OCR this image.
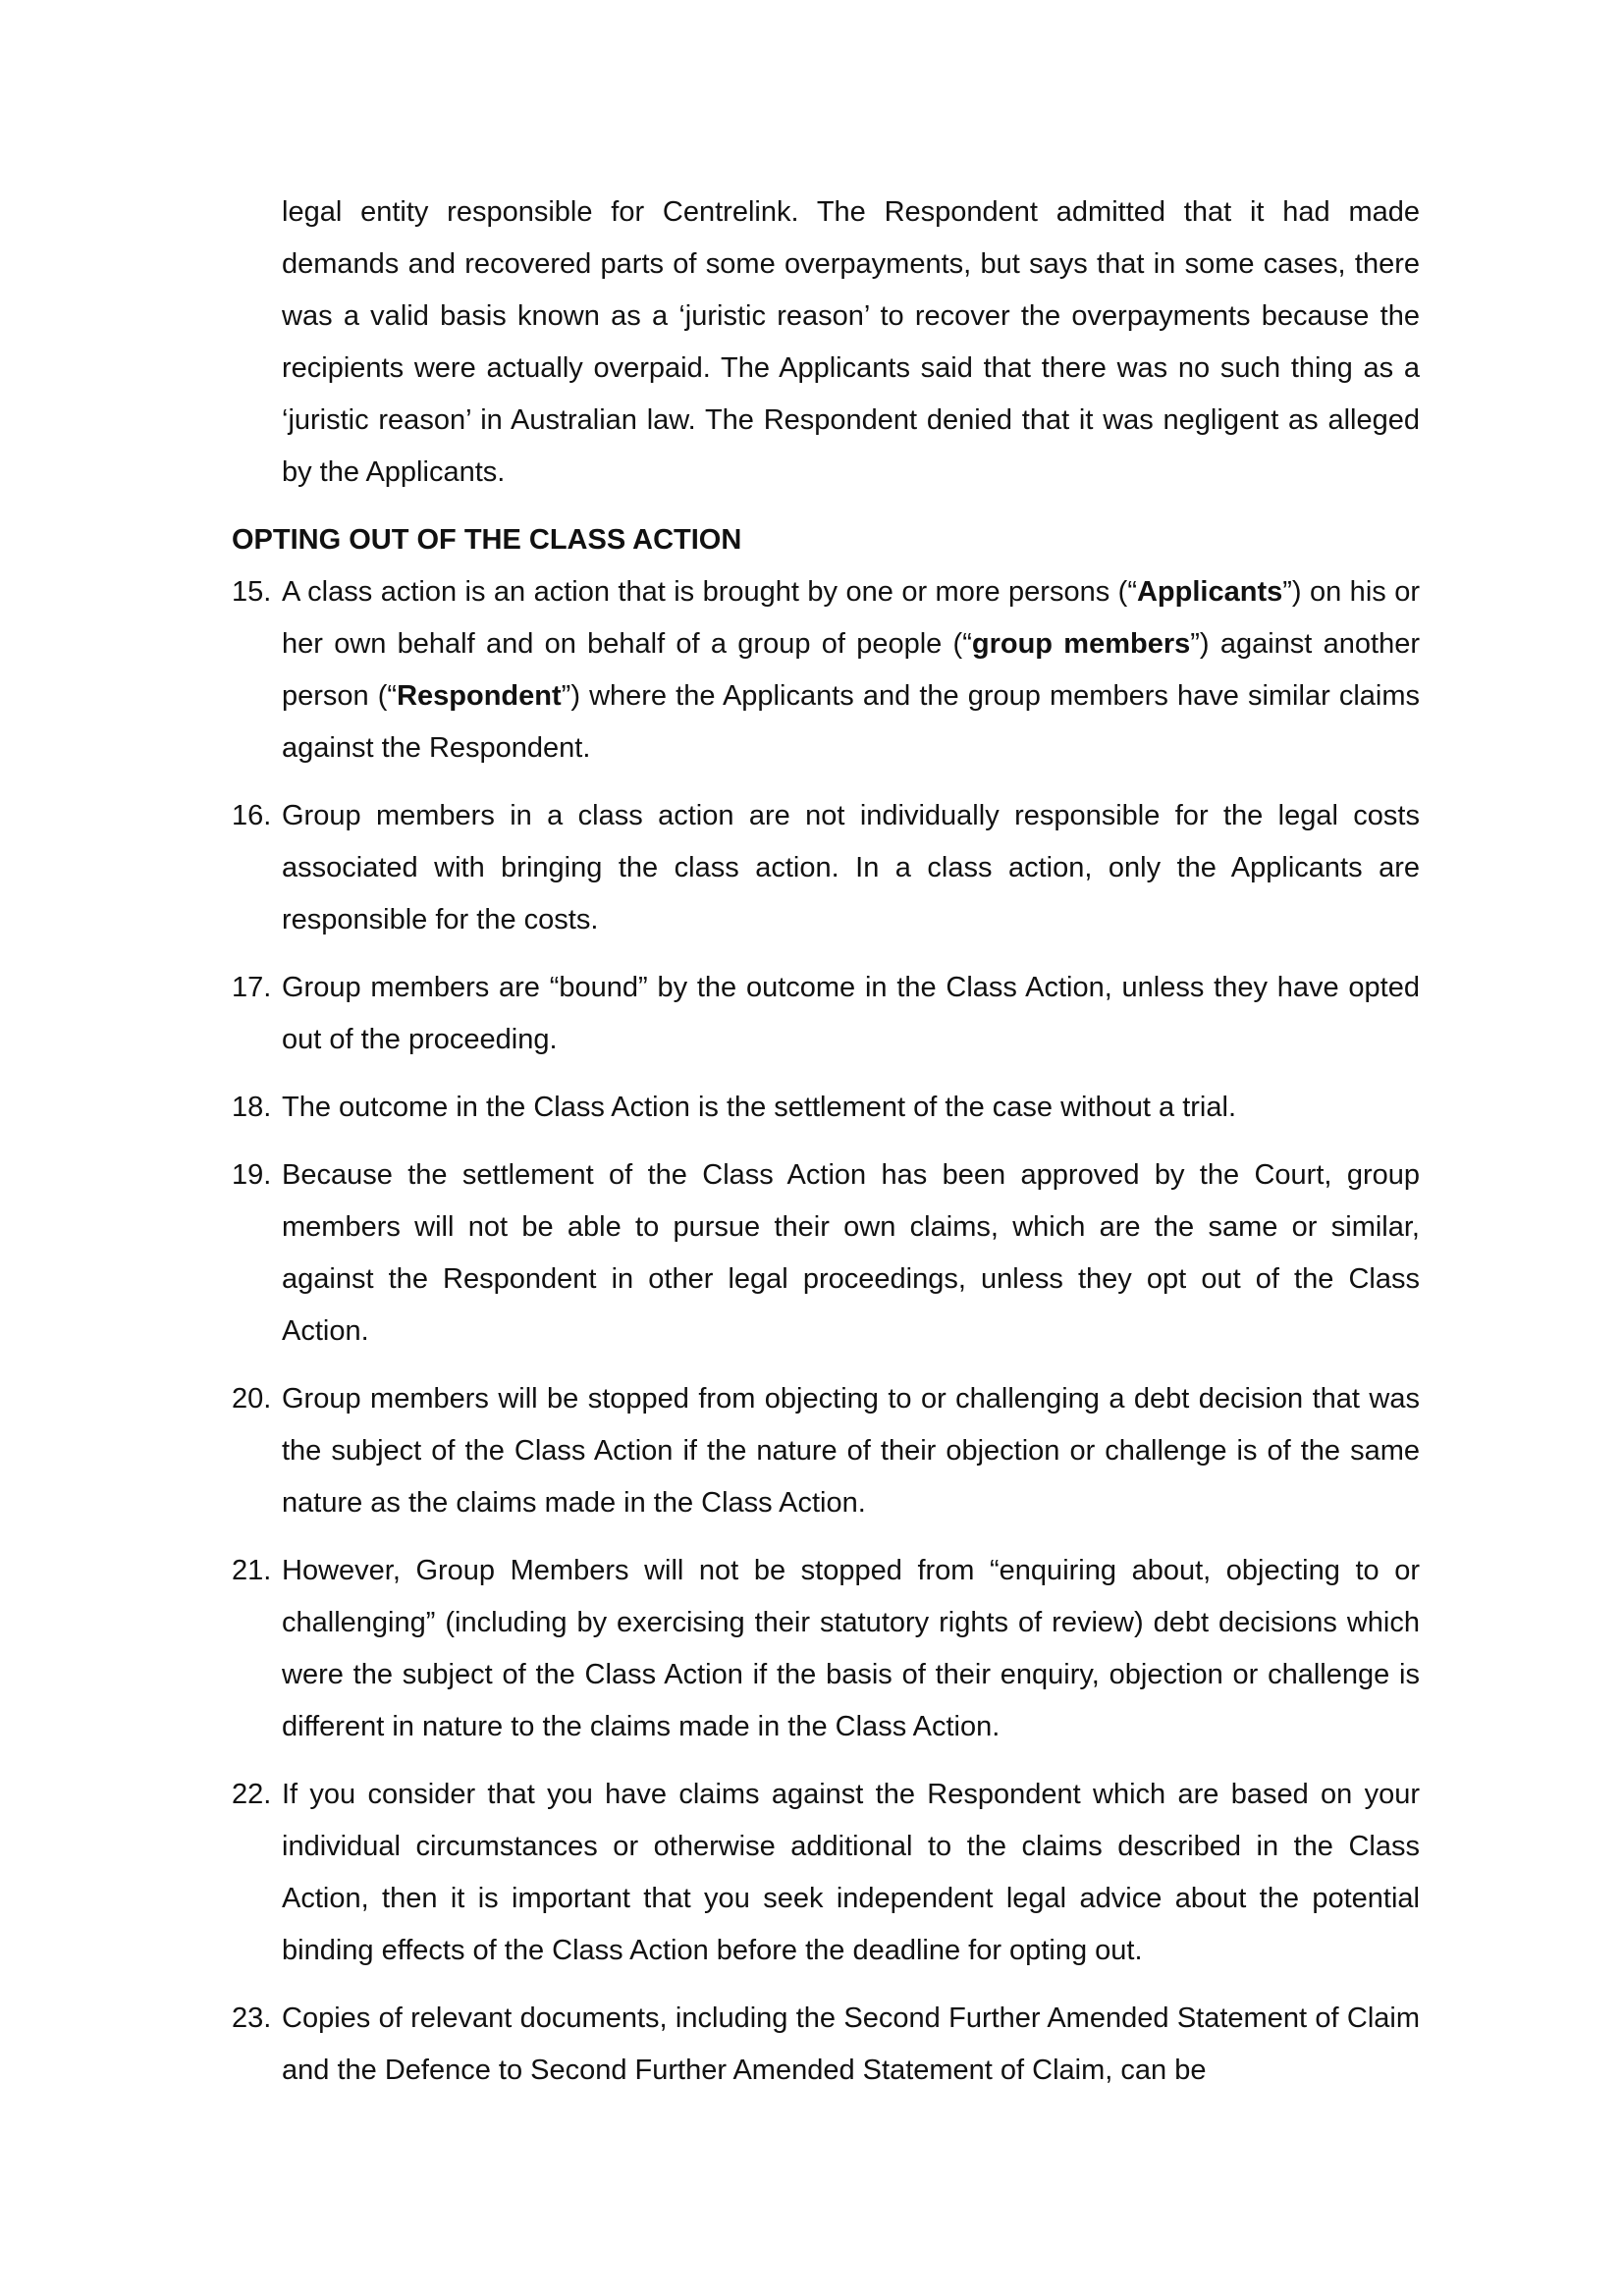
legal entity responsible for Centrelink. The Respondent admitted that it had made demands and recovered parts of some overpayments, but says that in some cases, there was a valid basis known as a ‘juristic reason’ to recover the overpayments because the recipients were actually overpaid. The Applicants said that there was no such thing as a ‘juristic reason’ in Australian law. The Respondent denied that it was negligent as alleged by the Applicants.

OPTING OUT OF THE CLASS ACTION
15. A class action is an action that is brought by one or more persons (“Applicants”) on his or her own behalf and on behalf of a group of people (“group members”) against another person (“Respondent”) where the Applicants and the group members have similar claims against the Respondent.
16. Group members in a class action are not individually responsible for the legal costs associated with bringing the class action. In a class action, only the Applicants are responsible for the costs.
17. Group members are “bound” by the outcome in the Class Action, unless they have opted out of the proceeding.
18. The outcome in the Class Action is the settlement of the case without a trial.
19. Because the settlement of the Class Action has been approved by the Court, group members will not be able to pursue their own claims, which are the same or similar, against the Respondent in other legal proceedings, unless they opt out of the Class Action.
20. Group members will be stopped from objecting to or challenging a debt decision that was the subject of the Class Action if the nature of their objection or challenge is of the same nature as the claims made in the Class Action.
21. However, Group Members will not be stopped from “enquiring about, objecting to or challenging” (including by exercising their statutory rights of review) debt decisions which were the subject of the Class Action if the basis of their enquiry, objection or challenge is different in nature to the claims made in the Class Action.
22. If you consider that you have claims against the Respondent which are based on your individual circumstances or otherwise additional to the claims described in the Class Action, then it is important that you seek independent legal advice about the potential binding effects of the Class Action before the deadline for opting out.
23. Copies of relevant documents, including the Second Further Amended Statement of Claim and the Defence to Second Further Amended Statement of Claim, can be
